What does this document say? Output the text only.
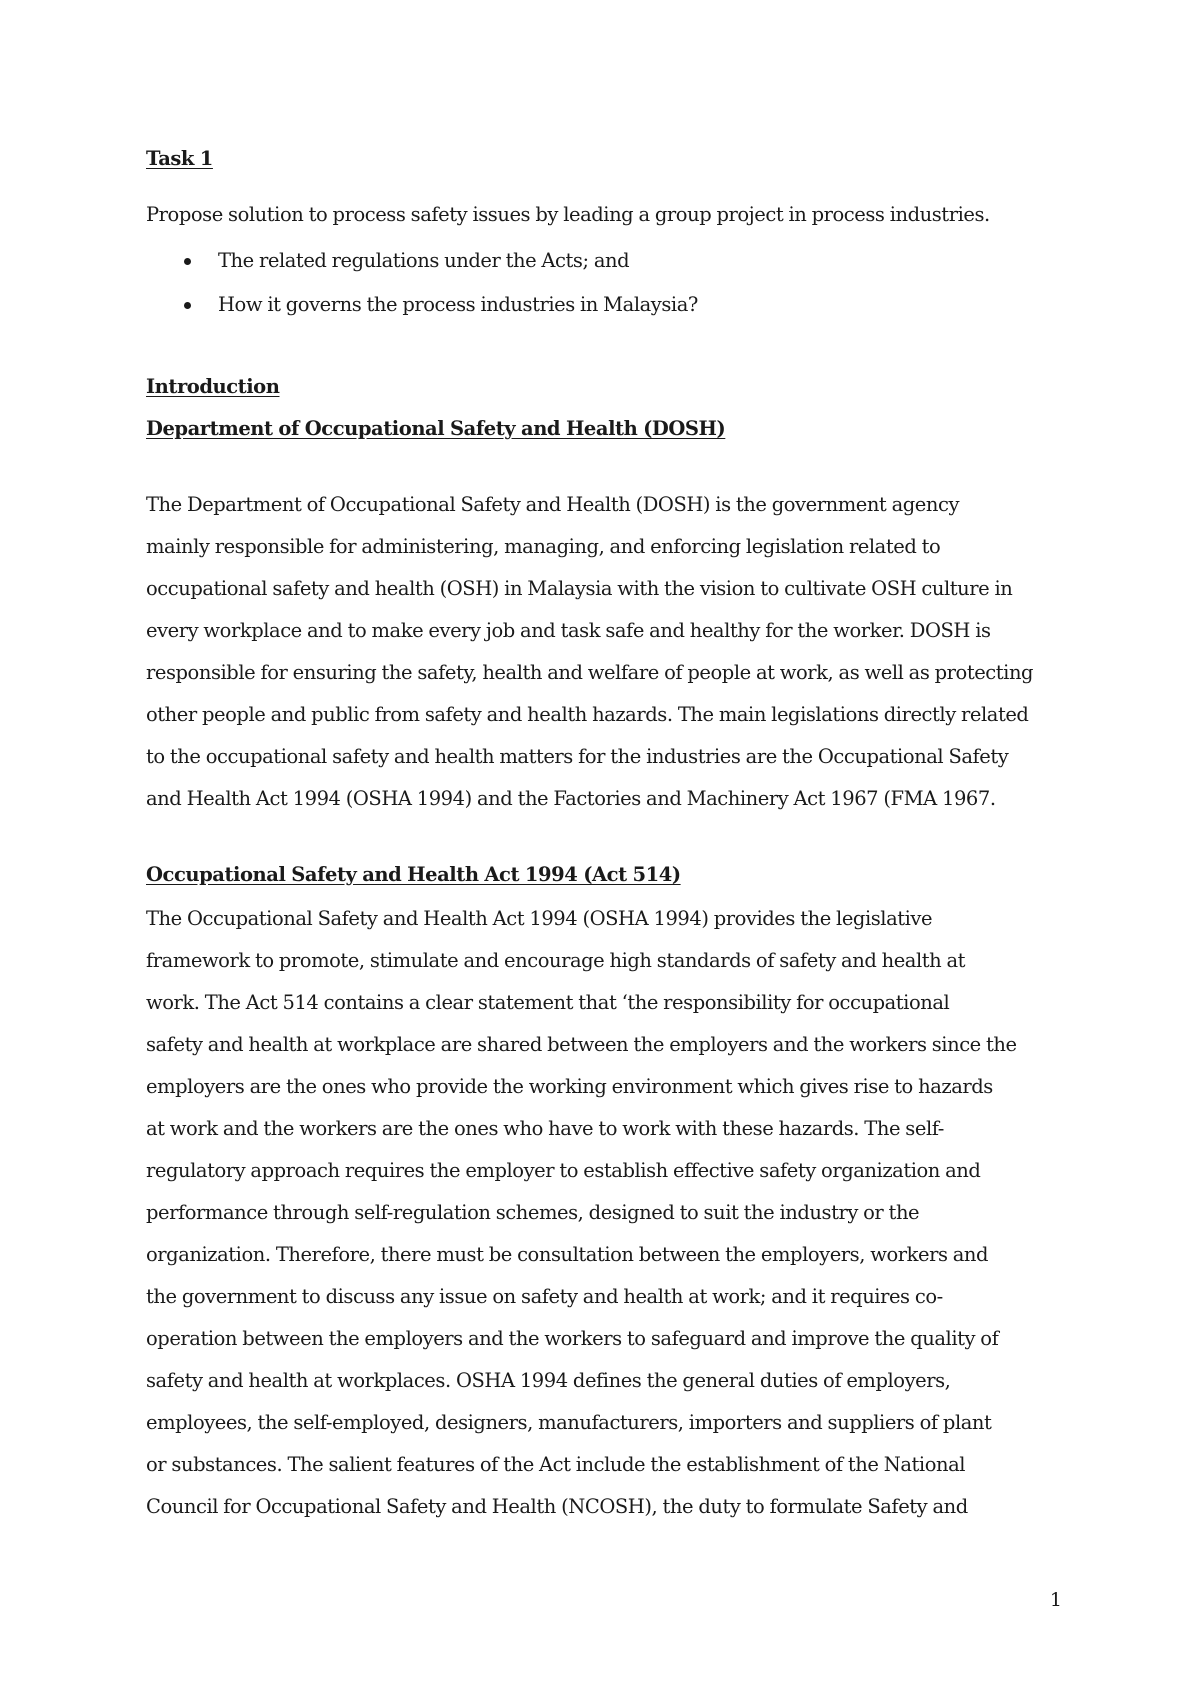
Task 1

Propose solution to process safety issues by leading a group project in process industries.

The related regulations under the Acts; and
How it governs the process industries in Malaysia?

Introduction

Department of Occupational Safety and Health (DOSH)

The Department of Occupational Safety and Health (DOSH) is the government agency
mainly responsible for administering, managing, and enforcing legislation related to
occupational safety and health (OSH) in Malaysia with the vision to cultivate OSH culture in
every workplace and to make every job and task safe and healthy for the worker. DOSH is
responsible for ensuring the safety, health and welfare of people at work, as well as protecting
other people and public from safety and health hazards. The main legislations directly related
to the occupational safety and health matters for the industries are the Occupational Safety
and Health Act 1994 (OSHA 1994) and the Factories and Machinery Act 1967 (FMA 1967.

Occupational Safety and Health Act 1994 (Act 514)

The Occupational Safety and Health Act 1994 (OSHA 1994) provides the legislative
framework to promote, stimulate and encourage high standards of safety and health at
work. The Act 514 contains a clear statement that ‘the responsibility for occupational
safety and health at workplace are shared between the employers and the workers since the
employers are the ones who provide the working environment which gives rise to hazards
at work and the workers are the ones who have to work with these hazards. The self-
regulatory approach requires the employer to establish effective safety organization and
performance through self-regulation schemes, designed to suit the industry or the
organization. Therefore, there must be consultation between the employers, workers and
the government to discuss any issue on safety and health at work; and it requires co-
operation between the employers and the workers to safeguard and improve the quality of
safety and health at workplaces. OSHA 1994 defines the general duties of employers,
employees, the self-employed, designers, manufacturers, importers and suppliers of plant
or substances. The salient features of the Act include the establishment of the National
Council for Occupational Safety and Health (NCOSH), the duty to formulate Safety and

1
